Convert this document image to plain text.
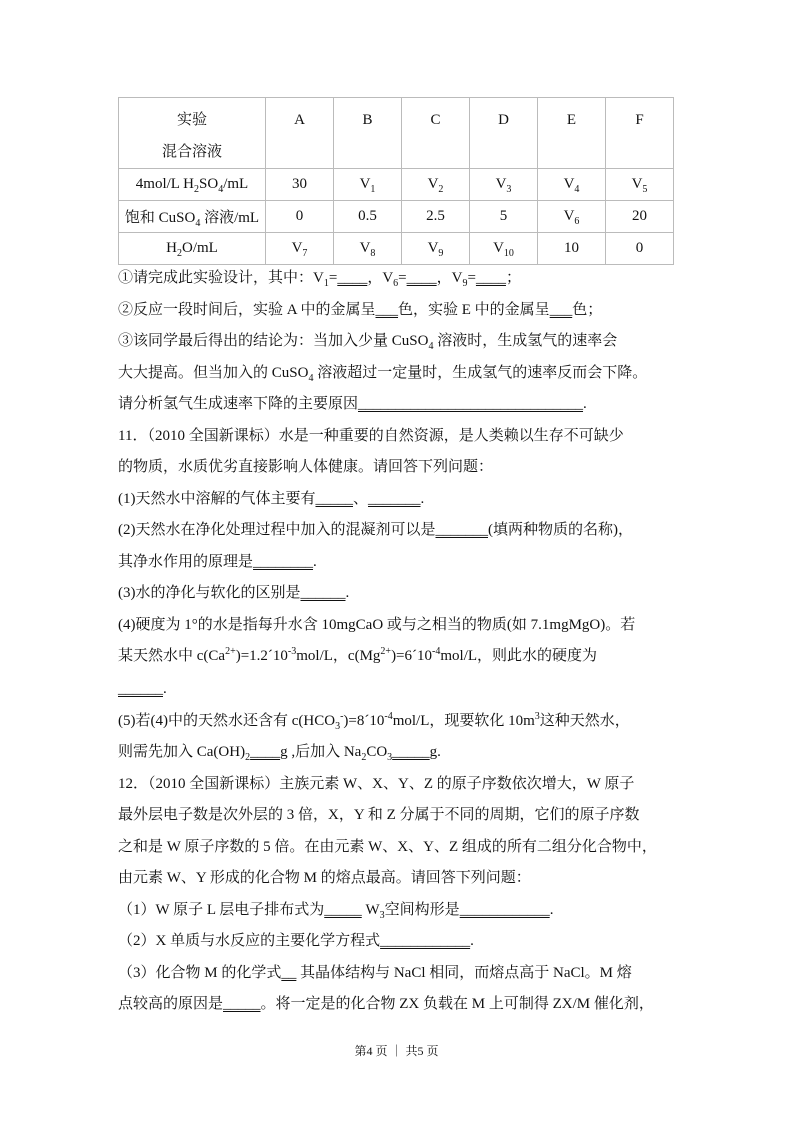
实验
混合溶液	A	B	C	D	E	F
4mol/L $H_2SO_4/mL$	30	$V_1$	$V_2$	$V_3$	$V_4$	$V_5$
饱和 CuSO$_4$ 溶液/mL	0	0.5	2.5	5	$V_6$	20
$H_2O/mL$	$V_7$	$V_8$	$V_9$	$V_{10}$	10	0
①请完成此实验设计，其中：$V_1=\_\_\_\_$，$V_6=\_\_\_\_$，$V_9=\_\_\_\_$；
②反应一段时间后，实验 A 中的金属呈___色，实验 E 中的金属呈___色；
③该同学最后得出的结论为：当加入少量 CuSO$_4$ 溶液时，生成氢气的速率会
大大提高。但当加入的 CuSO$_4$ 溶液超过一定量时，生成氢气的速率反而会下降。
请分析氢气生成速率下降的主要原因______________________________.
11．（2010 全国新课标）水是一种重要的自然资源，是人类赖以生存不可缺少
的物质，水质优劣直接影响人体健康。请回答下列问题：
(1)天然水中溶解的气体主要有_____、_______.
(2)天然水在净化处理过程中加入的混凝剂可以是_______(填两种物质的名称)，
其净水作用的原理是________.
(3)水的净化与软化的区别是______.
(4)硬度为 1°的水是指每升水含 10mgCaO 或与之相当的物质(如 7.1mgMgO)。若
某天然水中 $c(Ca^{2+})=1.2´10^{-3}mol/L$，$c(Mg^{2+})=6´10^{-4}mol/L$，则此水的硬度为
______.
(5)若(4)中的天然水还含有 $c(HCO_3^-)=8´10^{-4}mol/L$，现要软化 $10m^3$这种天然水，
则需先加入 $Ca(OH)_2\_\_\_\_g$ ,后加入 $Na_2CO_3\_\_\_\_\_g$.
12．（2010 全国新课标）主族元素 W、X、Y、Z 的原子序数依次增大，W 原子
最外层电子数是次外层的 3 倍，X，Y 和 Z 分属于不同的周期，它们的原子序数
之和是 W 原子序数的 5 倍。在由元素 W、X、Y、Z 组成的所有二组分化合物中，
由元素 W、Y 形成的化合物 M 的熔点最高。请回答下列问题：
（1）W 原子 L 层电子排布式为_____ $W_3$空间构形是____________.
（2）X 单质与水反应的主要化学方程式____________.
（3）化合物 M 的化学式__ 其晶体结构与 NaCl 相同，而熔点高于 NaCl。M 熔
点较高的原因是_____。将一定是的化合物 ZX 负载在 M 上可制得 ZX/M 催化剂，
第4 页 ｜ 共5 页
